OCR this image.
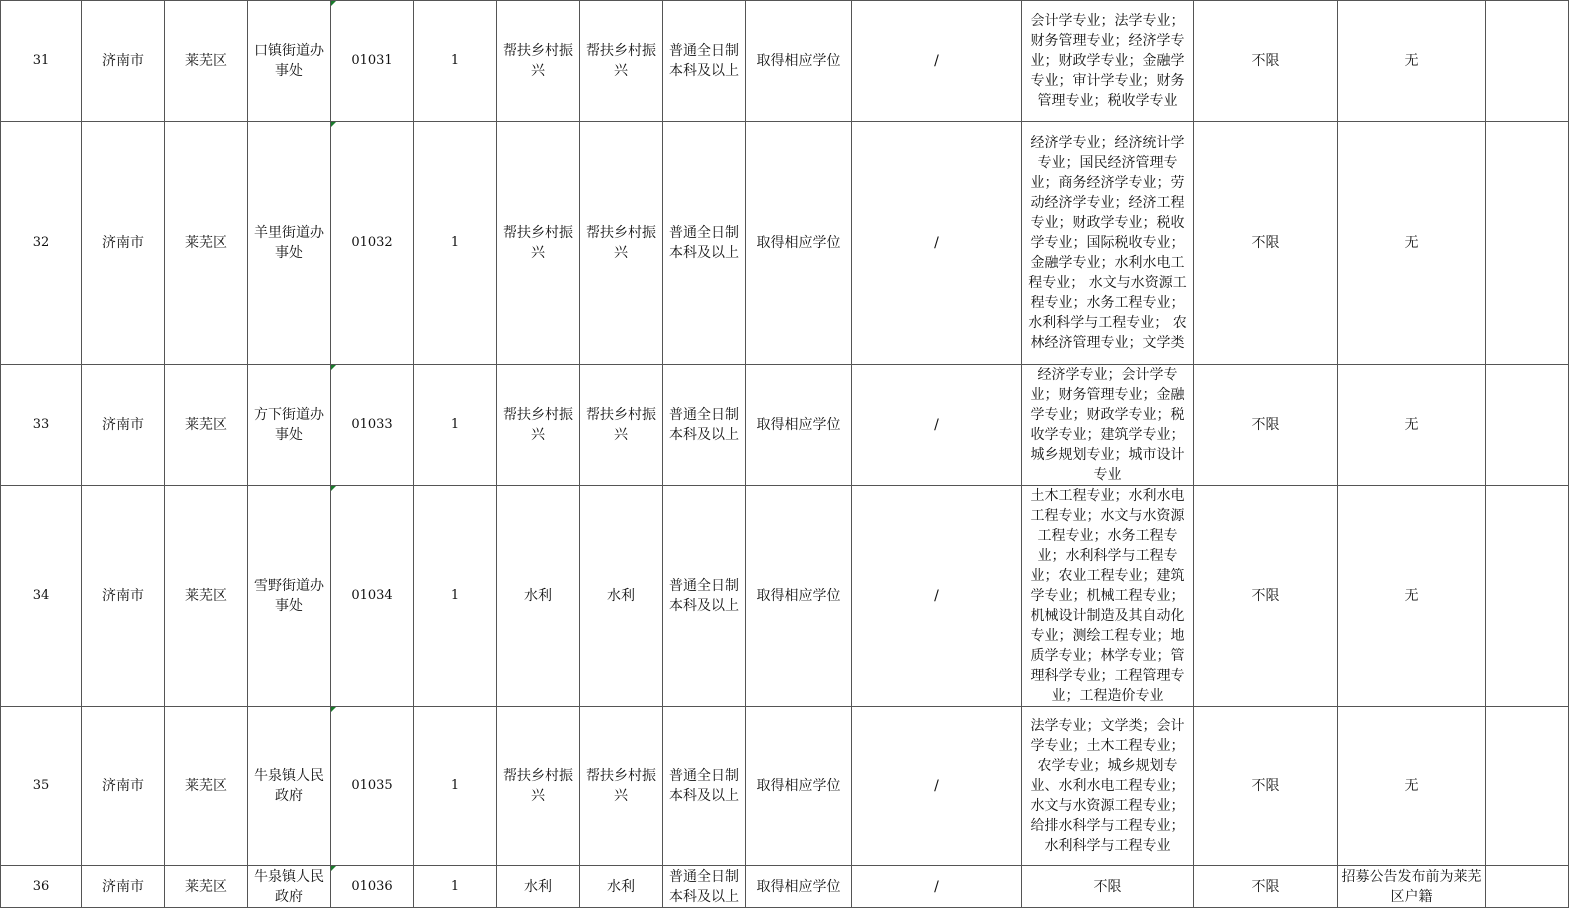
31	济南市	莱芜区	口镇街道办事处	01031	1	帮扶乡村振兴	帮扶乡村振兴	普通全日制本科及以上	取得相应学位	/	会计学专业；法学专业；财务管理专业；经济学专业；财政学专业；金融学专业；审计学专业；财务管理专业；税收学专业	不限	无	
32	济南市	莱芜区	羊里街道办事处	01032	1	帮扶乡村振兴	帮扶乡村振兴	普通全日制本科及以上	取得相应学位	/	经济学专业；经济统计学专业；国民经济管理专业；商务经济学专业；劳动经济学专业；经济工程专业；财政学专业；税收学专业；国际税收专业；金融学专业；水利水电工程专业； 水文与水资源工程专业；水务工程专业；水利科学与工程专业； 农林经济管理专业；文学类	不限	无	
33	济南市	莱芜区	方下街道办事处	01033	1	帮扶乡村振兴	帮扶乡村振兴	普通全日制本科及以上	取得相应学位	/	经济学专业；会计学专业；财务管理专业；金融学专业；财政学专业；税收学专业；建筑学专业；城乡规划专业；城市设计专业	不限	无	
34	济南市	莱芜区	雪野街道办事处	01034	1	水利	水利	普通全日制本科及以上	取得相应学位	/	土木工程专业；水利水电工程专业；水文与水资源工程专业；水务工程专业；水利科学与工程专业；农业工程专业；建筑学专业；机械工程专业；机械设计制造及其自动化专业；测绘工程专业；地质学专业；林学专业；管理科学专业；工程管理专业；工程造价专业	不限	无	
35	济南市	莱芜区	牛泉镇人民政府	01035	1	帮扶乡村振兴	帮扶乡村振兴	普通全日制本科及以上	取得相应学位	/	法学专业；文学类；会计学专业；土木工程专业；农学专业；城乡规划专业、水利水电工程专业；水文与水资源工程专业；给排水科学与工程专业；水利科学与工程专业	不限	无	
36	济南市	莱芜区	牛泉镇人民政府	01036	1	水利	水利	普通全日制本科及以上	取得相应学位	/	不限	不限	招募公告发布前为莱芜区户籍	
